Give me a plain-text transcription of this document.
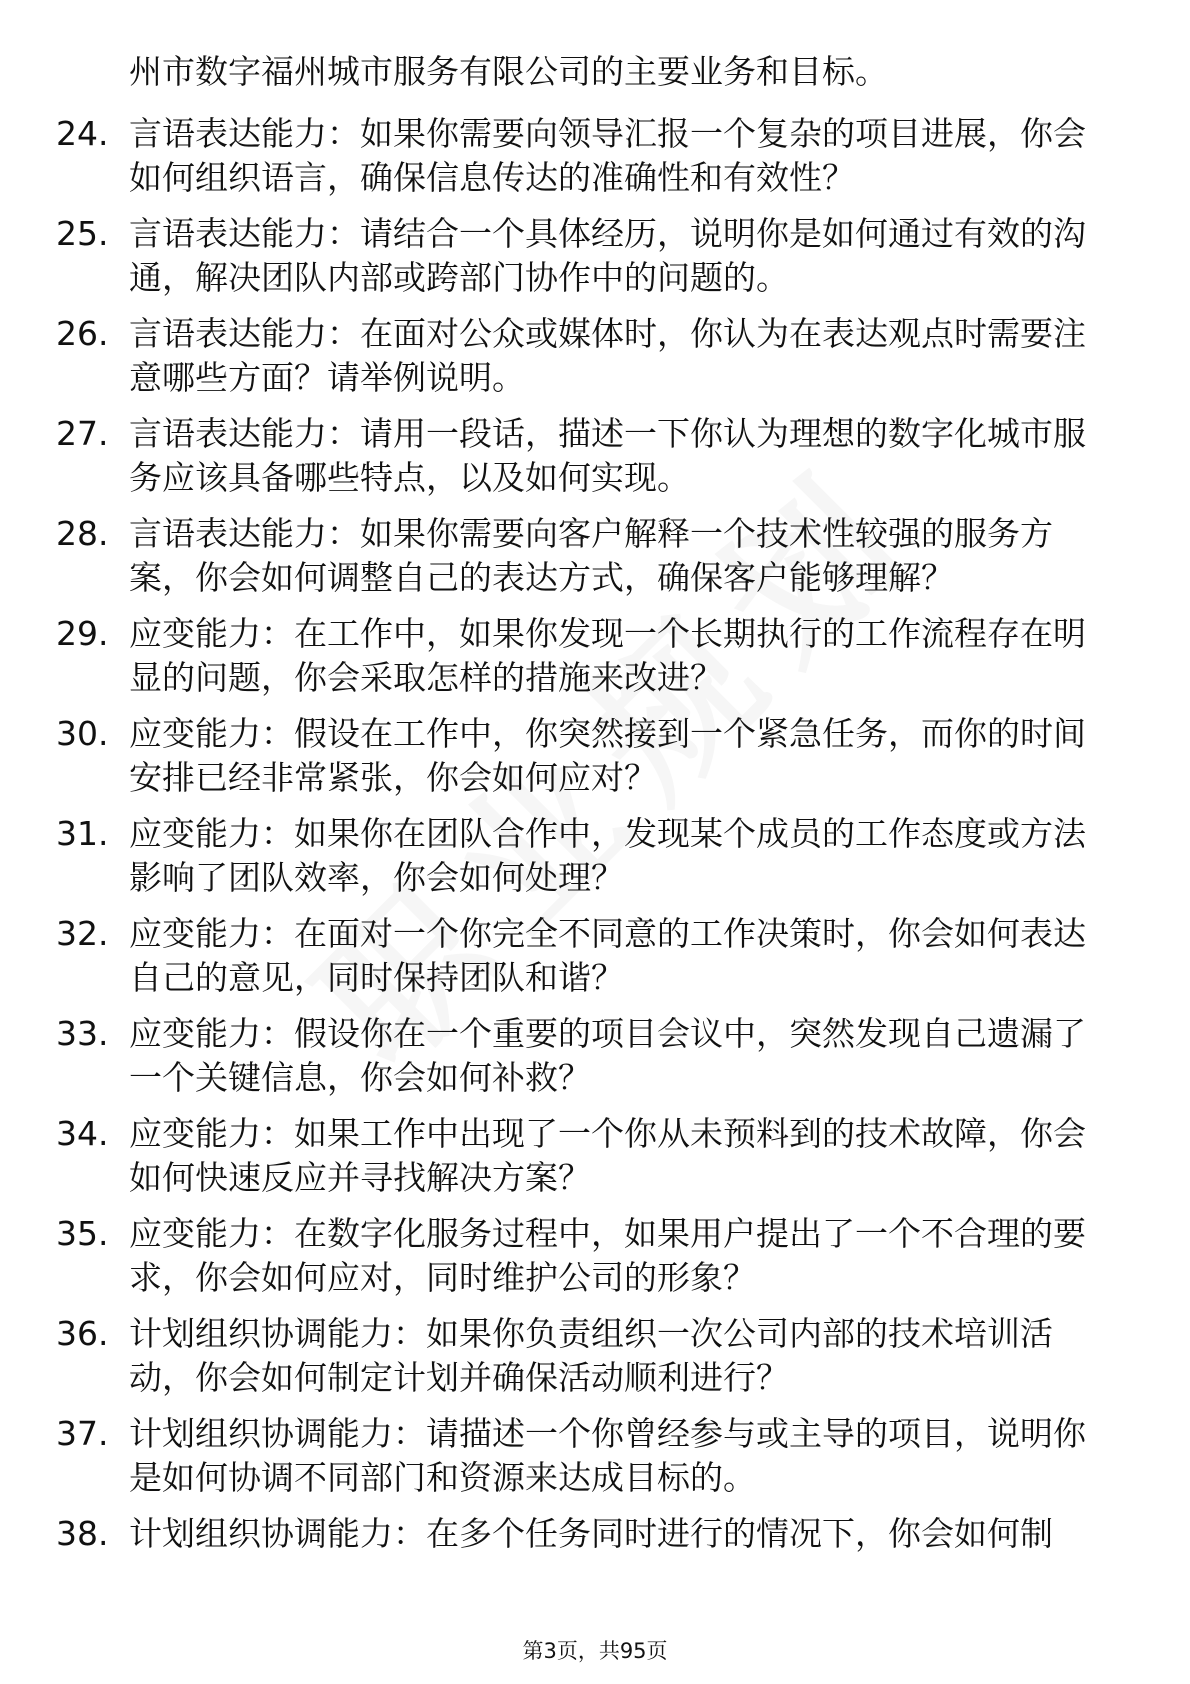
州市数字福州城市服务有限公司的主要业务和目标。
24. 言语表达能力：如果你需要向领导汇报一个复杂的项目进展，你会如何组织语言，确保信息传达的准确性和有效性？
25. 言语表达能力：请结合一个具体经历，说明你是如何通过有效的沟通，解决团队内部或跨部门协作中的问题的。
26. 言语表达能力：在面对公众或媒体时，你认为在表达观点时需要注意哪些方面？请举例说明。
27. 言语表达能力：请用一段话，描述一下你认为理想的数字化城市服务应该具备哪些特点，以及如何实现。
28. 言语表达能力：如果你需要向客户解释一个技术性较强的服务方案，你会如何调整自己的表达方式，确保客户能够理解？
29. 应变能力：在工作中，如果你发现一个长期执行的工作流程存在明显的问题，你会采取怎样的措施来改进？
30. 应变能力：假设在工作中，你突然接到一个紧急任务，而你的时间安排已经非常紧张，你会如何应对？
31. 应变能力：如果你在团队合作中，发现某个成员的工作态度或方法影响了团队效率，你会如何处理？
32. 应变能力：在面对一个你完全不同意的工作决策时，你会如何表达自己的意见，同时保持团队和谐？
33. 应变能力：假设你在一个重要的项目会议中，突然发现自己遗漏了一个关键信息，你会如何补救？
34. 应变能力：如果工作中出现了一个你从未预料到的技术故障，你会如何快速反应并寻找解决方案？
35. 应变能力：在数字化服务过程中，如果用户提出了一个不合理的要求，你会如何应对，同时维护公司的形象？
36. 计划组织协调能力：如果你负责组织一次公司内部的技术培训活动，你会如何制定计划并确保活动顺利进行？
37. 计划组织协调能力：请描述一个你曾经参与或主导的项目，说明你是如何协调不同部门和资源来达成目标的。
38. 计划组织协调能力：在多个任务同时进行的情况下，你会如何制
第3页，共95页
